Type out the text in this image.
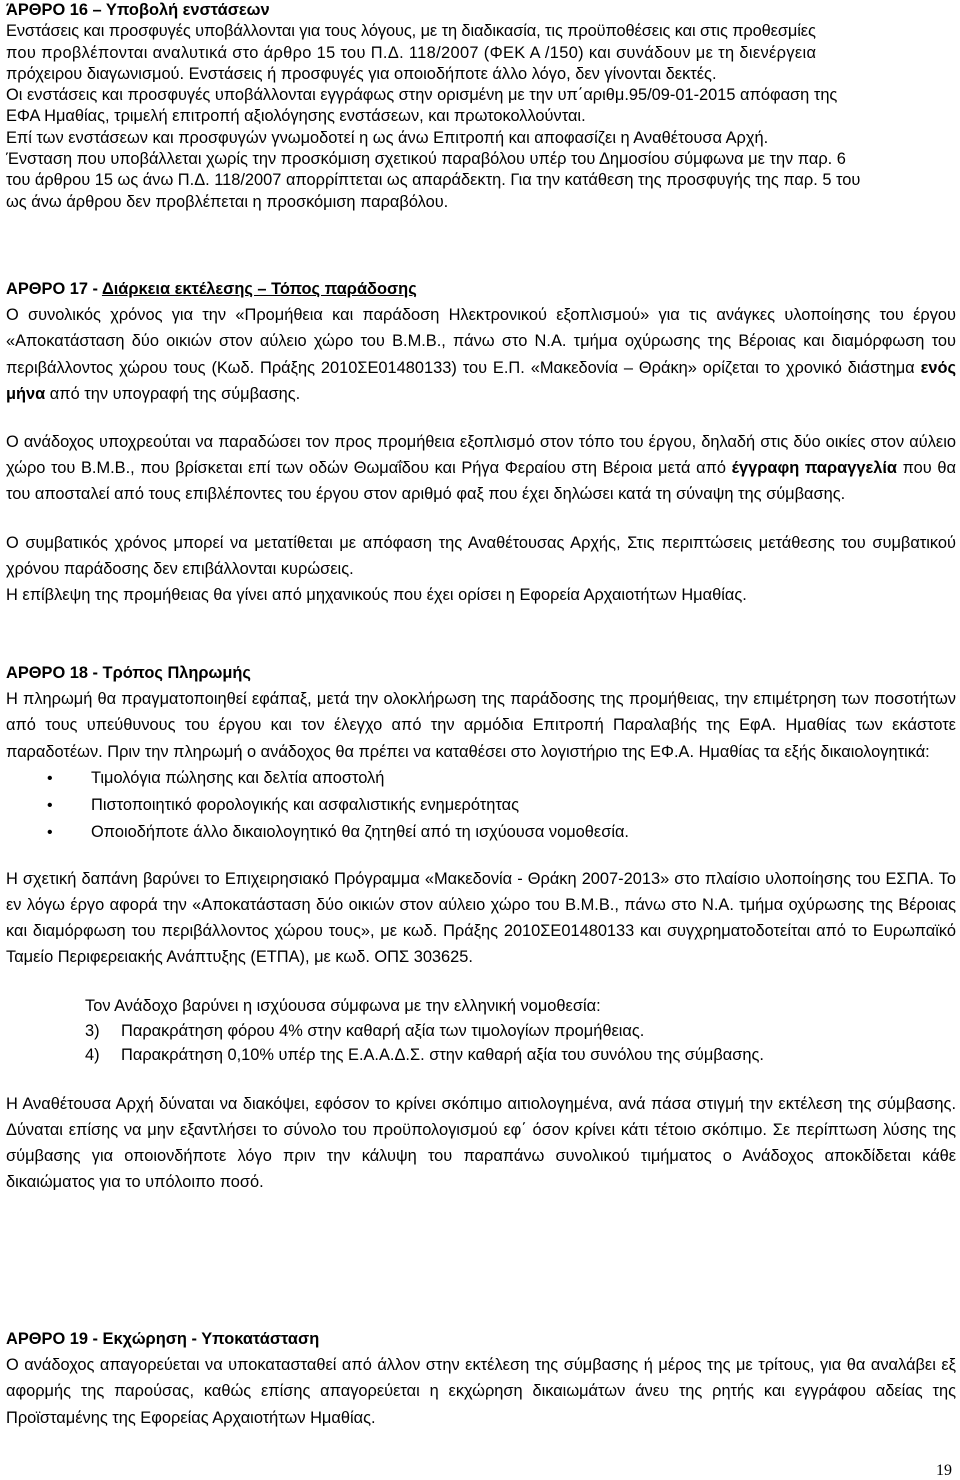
ΆΡΘΡΟ 16 – Υποβολή ενστάσεων
Ενστάσεις και προσφυγές υποβάλλονται για τους λόγους, με τη διαδικασία, τις προϋποθέσεις και στις προθεσμίες
που προβλέπονται αναλυτικά στο άρθρο 15 του Π.Δ. 118/2007 (ΦΕΚ Α /150) και συνάδουν με τη διενέργεια
πρόχειρου διαγωνισμού. Ενστάσεις ή προσφυγές για οποιοδήποτε άλλο λόγο, δεν γίνονται δεκτές.
Οι ενστάσεις και προσφυγές υποβάλλονται εγγράφως στην ορισμένη με την υπ΄αριθμ.95/09-01-2015 απόφαση της
ΕΦΑ Ημαθίας, τριμελή επιτροπή αξιολόγησης ενστάσεων, και πρωτοκολλούνται.
Επί των ενστάσεων και προσφυγών γνωμοδοτεί η ως άνω Επιτροπή και αποφασίζει η Αναθέτουσα Αρχή.
Ένσταση που υποβάλλεται χωρίς την προσκόμιση σχετικού παραβόλου υπέρ του Δημοσίου σύμφωνα με την παρ. 6
του άρθρου 15 ως άνω Π.Δ. 118/2007 απορρίπτεται ως απαράδεκτη. Για την κατάθεση της προσφυγής της παρ. 5 του
ως άνω άρθρου δεν προβλέπεται η προσκόμιση παραβόλου.
ΑΡΘΡΟ 17 - Διάρκεια εκτέλεσης – Τόπος παράδοσης
Ο συνολικός χρόνος για την «Προμήθεια και παράδοση Ηλεκτρονικού εξοπλισμού» για τις ανάγκες υλοποίησης του έργου «Αποκατάσταση δύο οικιών στον αύλειο χώρο του Β.Μ.Β., πάνω στο Ν.Α. τμήμα οχύρωσης της Βέροιας και διαμόρφωση του περιβάλλοντος χώρου τους (Κωδ. Πράξης 2010ΣΕ01480133) του Ε.Π. «Μακεδονία – Θράκη» ορίζεται το χρονικό διάστημα ενός μήνα από την υπογραφή της σύμβασης.
Ο ανάδοχος υποχρεούται να παραδώσει τον προς προμήθεια εξοπλισμό στον τόπο του έργου, δηλαδή στις δύο οικίες στον αύλειο χώρο του Β.Μ.Β., που βρίσκεται επί των οδών Θωμαΐδου και Ρήγα Φεραίου στη Βέροια μετά από έγγραφη παραγγελία που θα του αποσταλεί από τους επιβλέποντες του έργου στον αριθμό φαξ που έχει δηλώσει κατά τη σύναψη της σύμβασης.
Ο συμβατικός χρόνος μπορεί να μετατίθεται με απόφαση της Αναθέτουσας Αρχής, Στις περιπτώσεις μετάθεσης του συμβατικού χρόνου παράδοσης δεν επιβάλλονται κυρώσεις.
Η επίβλεψη της προμήθειας θα γίνει από μηχανικούς που έχει ορίσει η Εφορεία Αρχαιοτήτων Ημαθίας.
ΑΡΘΡΟ 18 - Τρόπος Πληρωμής
Η πληρωμή θα πραγματοποιηθεί εφάπαξ, μετά την ολοκλήρωση της παράδοσης της προμήθειας, την επιμέτρηση των ποσοτήτων από τους υπεύθυνους του έργου και τον έλεγχο από την αρμόδια Επιτροπή Παραλαβής της ΕφΑ. Ημαθίας των εκάστοτε παραδοτέων. Πριν την πληρωμή ο ανάδοχος θα πρέπει να καταθέσει στο λογιστήριο της ΕΦ.Α. Ημαθίας τα εξής δικαιολογητικά:
• Τιμολόγια πώλησης και δελτία αποστολή
• Πιστοποιητικό φορολογικής και ασφαλιστικής ενημερότητας
• Οποιοδήποτε άλλο δικαιολογητικό θα ζητηθεί από τη ισχύουσα νομοθεσία.
Η σχετική δαπάνη βαρύνει το Επιχειρησιακό Πρόγραμμα «Μακεδονία - Θράκη 2007-2013» στο πλαίσιο υλοποίησης του ΕΣΠΑ. Το εν λόγω έργο αφορά την «Αποκατάσταση δύο οικιών στον αύλειο χώρο του Β.Μ.Β., πάνω στο Ν.Α. τμήμα οχύρωσης της Βέροιας και διαμόρφωση του περιβάλλοντος χώρου τους», με κωδ. Πράξης 2010ΣΕ01480133 και συγχρηματοδοτείται από το Ευρωπαϊκό Ταμείο Περιφερειακής Ανάπτυξης (ΕΤΠΑ), με κωδ. ΟΠΣ 303625.
Τον Ανάδοχο βαρύνει η ισχύουσα σύμφωνα με την ελληνική νομοθεσία:
3) Παρακράτηση φόρου 4% στην καθαρή αξία των τιμολογίων προμήθειας.
4) Παρακράτηση 0,10% υπέρ της Ε.Α.Α.Δ.Σ. στην καθαρή αξία του συνόλου της σύμβασης.
Η Αναθέτουσα Αρχή δύναται να διακόψει, εφόσον το κρίνει σκόπιμο αιτιολογημένα, ανά πάσα στιγμή την εκτέλεση της σύμβασης. Δύναται επίσης να μην εξαντλήσει το σύνολο του προϋπολογισμού εφ΄ όσον κρίνει κάτι τέτοιο σκόπιμο. Σε περίπτωση λύσης της σύμβασης για οποιονδήποτε λόγο πριν την κάλυψη του παραπάνω συνολικού τιμήματος ο Ανάδοχος αποκδίδεται κάθε δικαιώματος για το υπόλοιπο ποσό.
ΑΡΘΡΟ 19 - Εκχώρηση - Υποκατάσταση
Ο ανάδοχος απαγορεύεται να υποκατασταθεί από άλλον στην εκτέλεση της σύμβασης ή μέρος της με τρίτους, για θα αναλάβει εξ αφορμής της παρούσας, καθώς επίσης απαγορεύεται η εκχώρηση δικαιωμάτων άνευ της ρητής και εγγράφου αδείας της Προϊσταμένης της Εφορείας Αρχαιοτήτων Ημαθίας.
19
